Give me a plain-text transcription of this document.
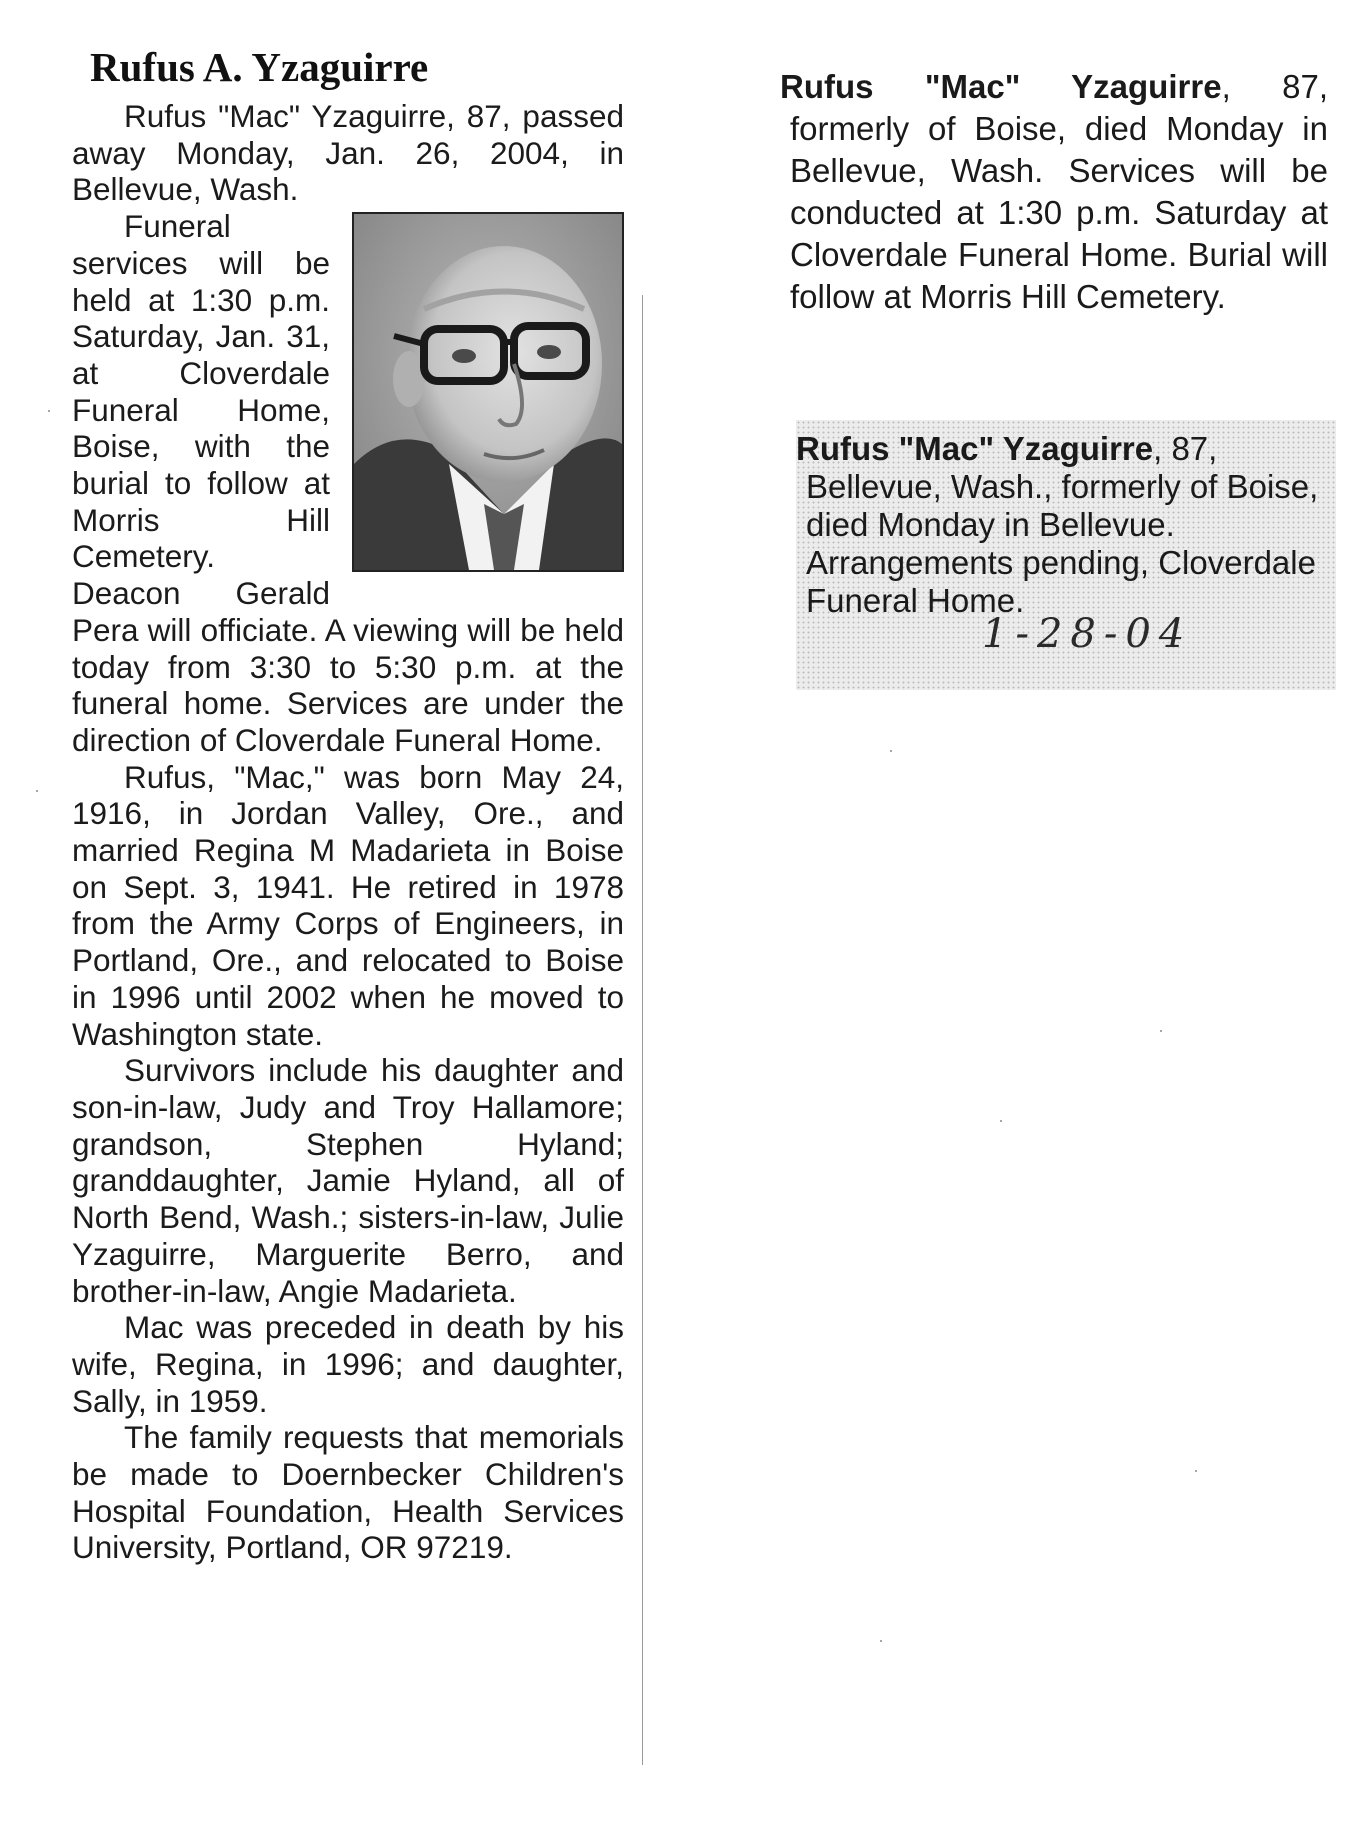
Rufus A. Yzaguirre

Rufus "Mac" Yzaguirre, 87, passed away Monday, Jan. 26, 2004, in Bellevue, Wash.

Funeral services will be held at 1:30 p.m. Saturday, Jan. 31, at Cloverdale Funeral Home, Boise, with the burial to follow at Morris Hill Cemetery. Deacon Gerald Pera will officiate. A viewing will be held today from 3:30 to 5:30 p.m. at the funeral home. Services are under the direction of Cloverdale Funeral Home.

Rufus, "Mac," was born May 24, 1916, in Jordan Valley, Ore., and married Regina M Madarieta in Boise on Sept. 3, 1941. He retired in 1978 from the Army Corps of Engineers, in Portland, Ore., and relocated to Boise in 1996 until 2002 when he moved to Washington state.

Survivors include his daughter and son-in-law, Judy and Troy Hallamore; grandson, Stephen Hyland; granddaughter, Jamie Hyland, all of North Bend, Wash.; sisters-in-law, Julie Yzaguirre, Marguerite Berro, and brother-in-law, Angie Madarieta.

Mac was preceded in death by his wife, Regina, in 1996; and daughter, Sally, in 1959.

The family requests that memorials be made to Doernbecker Children's Hospital Foundation, Health Services University, Portland, OR 97219.

Rufus "Mac" Yzaguirre, 87, formerly of Boise, died Monday in Bellevue, Wash. Services will be conducted at 1:30 p.m. Saturday at Cloverdale Funeral Home. Burial will follow at Morris Hill Cemetery.

Rufus "Mac" Yzaguirre, 87, Bellevue, Wash., formerly of Boise, died Monday in Bellevue. Arrangements pending, Cloverdale Funeral Home.

1-28-04
